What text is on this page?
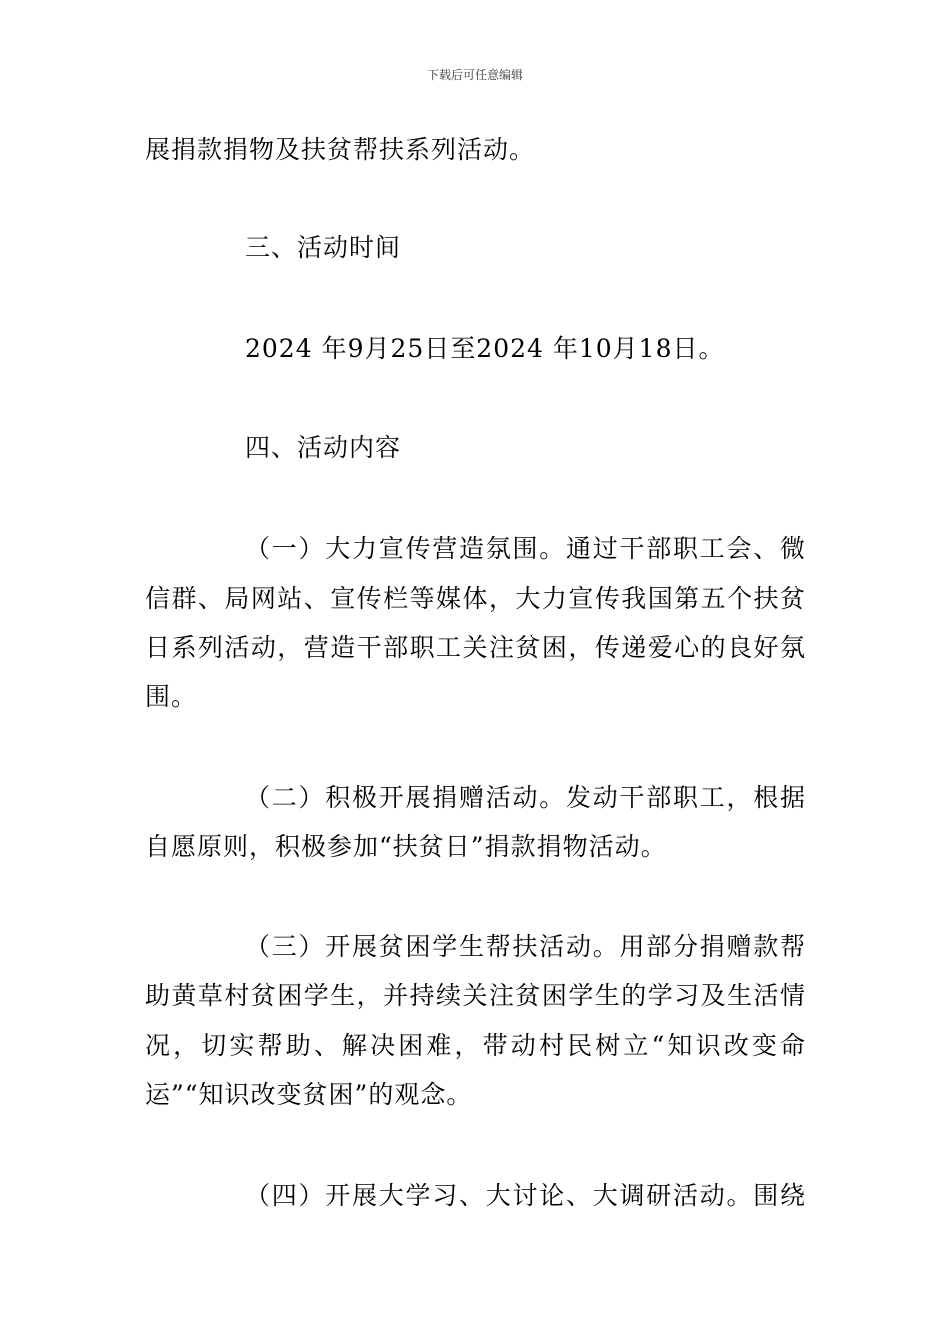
下载后可任意编辑
展捐款捐物及扶贫帮扶系列活动。
三、活动时间
2024 年9月25日至2024 年10月18日。
四、活动内容
（一）大力宣传营造氛围。通过干部职工会、微
信群、局网站、宣传栏等媒体，大力宣传我国第五个扶贫
日系列活动，营造干部职工关注贫困，传递爱心的良好氛
围。
（二）积极开展捐赠活动。发动干部职工，根据
自愿原则，积极参加“扶贫日”捐款捐物活动。
（三）开展贫困学生帮扶活动。用部分捐赠款帮
助黄草村贫困学生，并持续关注贫困学生的学习及生活情
况，切实帮助、解决困难，带动村民树立“知识改变命
运”“知识改变贫困”的观念。
（四）开展大学习、大讨论、大调研活动。围绕
